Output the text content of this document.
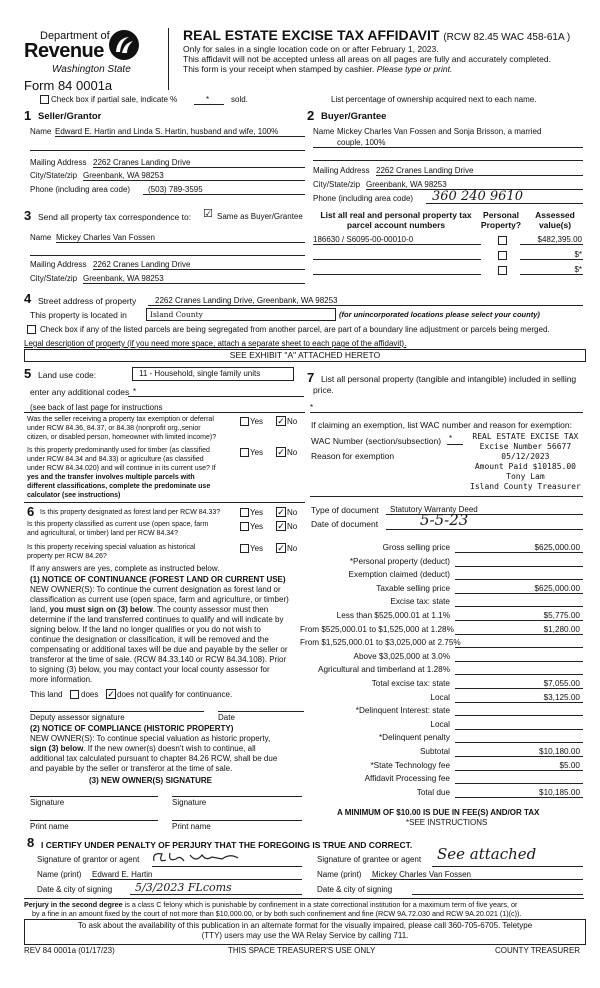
Department of
Revenue
Washington State
Form 84 0001a
REAL ESTATE EXCISE TAX AFFIDAVIT (RCW 82.45 WAC 458-61A )
Only for sales in a single location code on or after February 1, 2023.
This affidavit will not be accepted unless all areas on all pages are fully and accurately completed.
This form is your receipt when stamped by cashier. Please type or print.
Check box if partial sale, indicate %	*	sold.	List percentage of ownership acquired next to each name.
1 Seller/Grantor
Name Edward E. Hartin and Linda S. Hartin, husband and wife, 100%
Mailing Address 2262 Cranes Landing Drive
City/State/zip Greenbank, WA 98253
Phone (including area code) (503) 789-3595
2 Buyer/Grantee
Name Mickey Charles Van Fossen and Sonja Brisson, a married
couple, 100%
Mailing Address 2262 Cranes Landing Drive
City/State/zip Greenbank, WA 98253
Phone (including area code) 360 240 9610
3 Send all property tax correspondence to: ☑ Same as Buyer/Grantee
Name Mickey Charles Van Fossen
Mailing Address 2262 Cranes Landing Drive
City/State/zip Greenbank, WA 98253
List all real and personal property tax
parcel account numbers
Personal
Property?
Assessed
value(s)
186630 / S6095-00-00010-0	$482,395.00
$*
$*
4 Street address of property 2262 Cranes Landing Drive, Greenbank, WA 98253
This property is located in	Island County	(for unincorporated locations please select your county)
Check box if any of the listed parcels are being segregated from another parcel, are part of a boundary line adjustment or parcels being merged.
Legal description of property (if you need more space, attach a separate sheet to each page of the affidavit).
SEE EXHIBIT "A" ATTACHED HERETO
5 Land use code:	11 - Household, single family units
enter any additional codes *
(see back of last page for instructions
Was the seller receiving a property tax exemption or deferral
under RCW 84.36, 84.37, or 84.38 (nonprofit org.,senior
citizen, or disabled person, homeowner with limited income)?
Yes ✓ No
Is this property predominantly used for timber (as classified
under RCW 84.34 and 84.33) or agriculture (as classified
under RCW 84.34.020) and will continue in its current use? If
yes and the transfer involves multiple parcels with
different classifications, complete the predominate use
calculator (see instructions)
Yes ✓ No
7 List all personal property (tangible and intangible) included in selling
price.
*
If claiming an exemption, list WAC number and reason for exemption:
WAC Number (section/subsection) *
Reason for exemption
REAL ESTATE EXCISE TAX
Excise Number 56677
05/12/2023
Amount Paid $10185.00
Tony Lam
Island County Treasurer
6 Is this property designated as forest land per RCW 84.33?	Yes ✓ No
Is this property classified as current use (open space, farm
and agricultural, or timber) land per RCW 84.34?
Yes ✓ No
Is this property receiving special valuation as historical
property per RCW 84.26?
Yes ✓ No
If any answers are yes, complete as instructed below.
(1) NOTICE OF CONTINUANCE (FOREST LAND OR CURRENT USE)
NEW OWNER(S): To continue the current designation as forest land or
classification as current use (open space, farm and agriculture, or timber)
land, you must sign on (3) below. The county assessor must then
determine if the land transferred continues to qualify and will indicate by
signing below. If the land no longer qualifies or you do not wish to
continue the designation or classification, it will be removed and the
compensating or additional taxes will be due and payable by the seller or
transferor at the time of sale. (RCW 84.33.140 or RCW 84.34.108). Prior
to signing (3) below, you may contact your local county assessor for
more information.
This land does ✓ does not qualify for continuance.
Deputy assessor signature	Date
(2) NOTICE OF COMPLIANCE (HISTORIC PROPERTY)
NEW OWNER(S): To continue special valuation as historic property,
sign (3) below. If the new owner(s) doesn't wish to continue, all
additional tax calculated pursuant to chapter 84.26 RCW, shall be due
and payable by the seller or transferor at the time of sale.
(3) NEW OWNER(S) SIGNATURE
Signature	Signature
Print name	Print name
Type of document Statutory Warranty Deed
Date of document	5-5-23
Gross selling price	$625,000.00
*Personal property (deduct)
Exemption claimed (deduct)
Taxable selling price	$625,000.00
Excise tax: state
Less than $525,000.01 at 1.1%	$5,775.00
From $525,000.01 to $1,525,000 at 1.28%	$1,280.00
From $1,525,000.01 to $3,025,000 at 2.75%
Above $3,025,000 at 3.0%
Agricultural and timberland at 1.28%
Total excise tax: state	$7,055.00
Local	$3,125.00
*Delinquent Interest: state
Local
*Delinquent penalty
Subtotal	$10,180.00
*State Technology fee	$5.00
Affidavit Processing fee
Total due	$10,185.00
A MINIMUM OF $10.00 IS DUE IN FEE(S) AND/OR TAX
*SEE INSTRUCTIONS
8 I CERTIFY UNDER PENALTY OF PERJURY THAT THE FOREGOING IS TRUE AND CORRECT.
Signature of grantor or agent	Signature of grantee or agent See attached
Name (print) Edward E. Hartin	Name (print) Mickey Charles Van Fossen
Date & city of signing 5/3/2023 FLcoms	Date & city of signing
Perjury in the second degree is a class C felony which is punishable by confinement in a state correctional institution for a maximum term of five years, or
by a fine in an amount fixed by the court of not more than $10,000.00, or by both such confinement and fine (RCW 9A.72.030 and RCW 9A.20.021 (1)(c)).
To ask about the availability of this publication in an alternate format for the visually impaired, please call 360-705-6705. Teletype
(TTY) users may use the WA Relay Service by calling 711.
REV 84 0001a (01/17/23)	THIS SPACE TREASURER'S USE ONLY	COUNTY TREASURER
